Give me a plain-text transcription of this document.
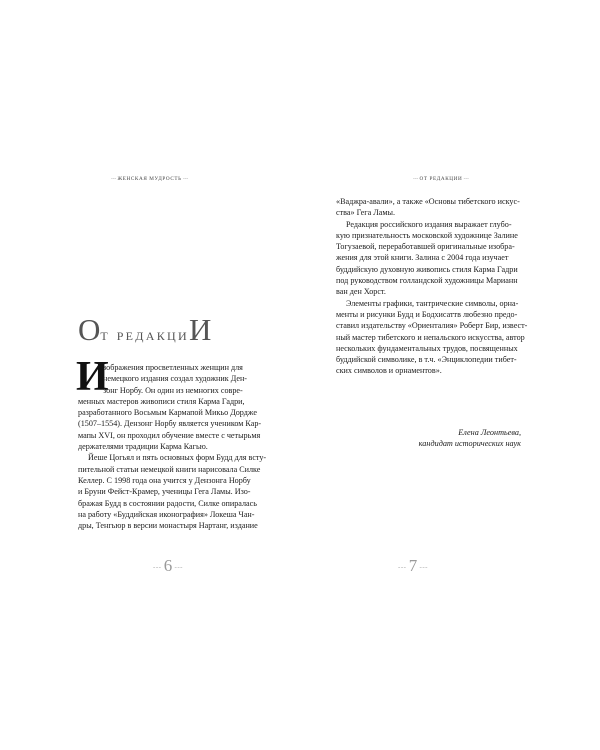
--- ЖЕНСКАЯ МУДРОСТЬ ---
От редакциИ
И
зображения просветленных женщин для
немецкого издания создал художник Ден-
зонг Норбу. Он один из немногих совре-
менных мастеров живописи стиля Карма Гадри,
разработанного Восьмым Кармапой Микьо Дордже
(1507–1554). Дензонг Норбу является учеником Кар-
мапы XVI, он проходил обучение вместе с четырьмя
держателями традиции Карма Кагью.
Йеше Цогьял и пять основных форм Будд для всту-
пительной статьи немецкой книги нарисовала Силке
Келлер. С 1998 года она учится у Дензонга Норбу
и Бруни Фейст-Крамер, ученицы Гега Ламы. Изо-
бражая Будд в состоянии радости, Силке опиралась
на работу «Буддийская иконография» Локеша Чан-
дры, Тенгьюр в версии монастыря Нартанг, издание
--- 6 ---
--- ОТ РЕДАКЦИИ ---
«Ваджра-авали», а также «Основы тибетского искус-
ства» Гега Ламы.
Редакция российского издания выражает глубо-
кую признательность московской художнице Залине
Тогузаевой, переработавшей оригинальные изобра-
жения для этой книги. Залина с 2004 года изучает
буддийскую духовную живопись стиля Карма Гадри
под руководством голландской художницы Марианн
ван ден Хорст.
Элементы графики, тантрические символы, орна-
менты и рисунки Будд и Бодхисаттв любезно предо-
ставил издательству «Ориенталия» Роберт Бир, извест-
ный мастер тибетского и непальского искусства, автор
нескольких фундаментальных трудов, посвященных
буддийской символике, в т.ч. «Энциклопедии тибет-
ских символов и орнаментов».
Елена Леонтьева,
кандидат исторических наук
--- 7 ---
